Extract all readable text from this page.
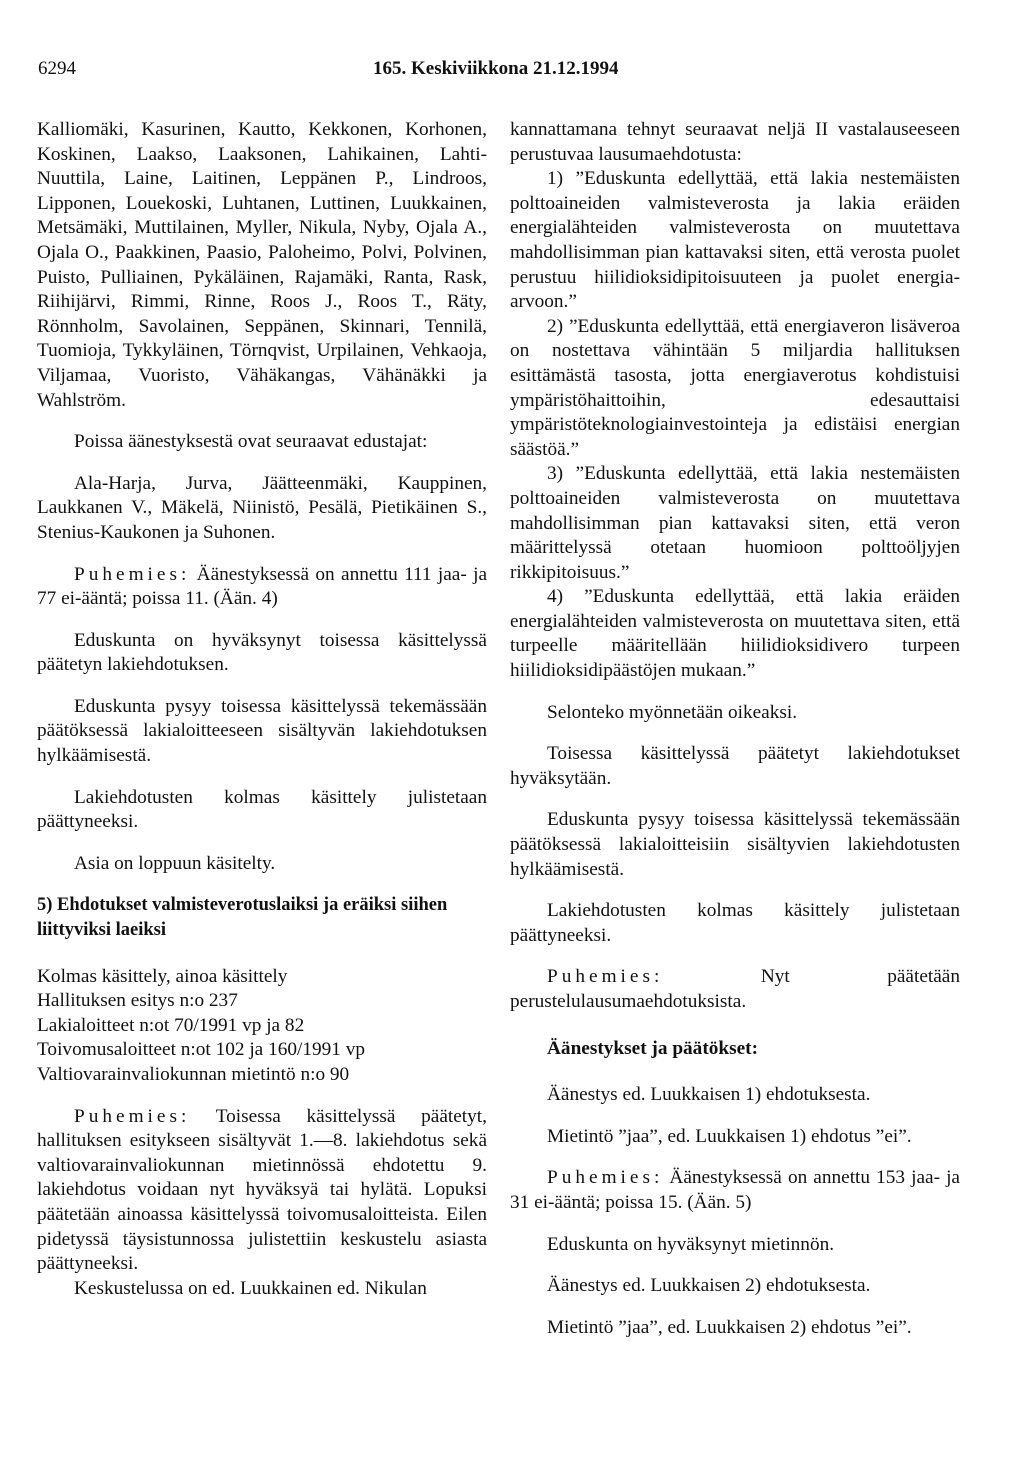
6294	165. Keskiviikkona 21.12.1994

Kalliomäki, Kasurinen, Kautto, Kekkonen, Korhonen, Koskinen, Laakso, Laaksonen, Lahikainen, Lahti-Nuuttila, Laine, Laitinen, Leppänen P., Lindroos, Lipponen, Louekoski, Luhtanen, Luttinen, Luukkainen, Metsämäki, Muttilainen, Myller, Nikula, Nyby, Ojala A., Ojala O., Paakkinen, Paasio, Paloheimo, Polvi, Polvinen, Puisto, Pulliainen, Pykäläinen, Rajamäki, Ranta, Rask, Riihijärvi, Rimmi, Rinne, Roos J., Roos T., Räty, Rönnholm, Savolainen, Seppänen, Skinnari, Tennilä, Tuomioja, Tykkyläinen, Törnqvist, Urpilainen, Vehkaoja, Viljamaa, Vuoristo, Vähäkangas, Vähänäkki ja Wahlström.

Poissa äänestyksestä ovat seuraavat edustajat:

Ala-Harja, Jurva, Jäätteenmäki, Kauppinen, Laukkanen V., Mäkelä, Niinistö, Pesälä, Pietikäinen S., Stenius-Kaukonen ja Suhonen.

Puhemies: Äänestyksessä on annettu 111 jaa- ja 77 ei-ääntä; poissa 11. (Ään. 4)

Eduskunta on hyväksynyt toisessa käsittelyssä päätetyn lakiehdotuksen.

Eduskunta pysyy toisessa käsittelyssä tekemässään päätöksessä lakialoitteeseen sisältyvän lakiehdotuksen hylkäämisestä.

Lakiehdotusten kolmas käsittely julistetaan päättyneeksi.

Asia on loppuun käsitelty.

5) Ehdotukset valmisteverotuslaiksi ja eräiksi siihen liittyviksi laeiksi

Kolmas käsittely, ainoa käsittely
Hallituksen esitys n:o 237
Lakialoitteet n:ot 70/1991 vp ja 82
Toivomusaloitteet n:ot 102 ja 160/1991 vp
Valtiovarainvaliokunnan mietintö n:o 90

Puhemies: Toisessa käsittelyssä päätetyt, hallituksen esitykseen sisältyvät 1.—8. lakiehdotus sekä valtiovarainvaliokunnan mietinnössä ehdotettu 9. lakiehdotus voidaan nyt hyväksyä tai hylätä. Lopuksi päätetään ainoassa käsittelyssä toivomusaloitteista. Eilen pidetyssä täysistunnossa julistettiin keskustelu asiasta päättyneeksi.

Keskustelussa on ed. Luukkainen ed. Nikulan

kannattamana tehnyt seuraavat neljä II vastalauseeseen perustuvaa lausumaehdotusta:

1) ”Eduskunta edellyttää, että lakia nestemäisten polttoaineiden valmisteverosta ja lakia eräiden energialähteiden valmisteverosta on muutettava mahdollisimman pian kattavaksi siten, että verosta puolet perustuu hiilidioksidipitoisuuteen ja puolet energia-arvoon.”

2) ”Eduskunta edellyttää, että energiaveron lisäveroa on nostettava vähintään 5 miljardia hallituksen esittämästä tasosta, jotta energiaverotus kohdistuisi ympäristöhaittoihin, edesauttaisi ympäristöteknologiainvestointeja ja edistäisi energian säästöä.”

3) ”Eduskunta edellyttää, että lakia nestemäisten polttoaineiden valmisteverosta on muutettava mahdollisimman pian kattavaksi siten, että veron määrittelyssä otetaan huomioon polttoöljyjen rikkipitoisuus.”

4) ”Eduskunta edellyttää, että lakia eräiden energialähteiden valmisteverosta on muutettava siten, että turpeelle määritellään hiilidioksidivero turpeen hiilidioksidipäästöjen mukaan.”

Selonteko myönnetään oikeaksi.

Toisessa käsittelyssä päätetyt lakiehdotukset hyväksytään.

Eduskunta pysyy toisessa käsittelyssä tekemässään päätöksessä lakialoitteisiin sisältyvien lakiehdotusten hylkäämisestä.

Lakiehdotusten kolmas käsittely julistetaan päättyneeksi.

Puhemies: Nyt päätetään perustelulausumaehdotuksista.

Äänestykset ja päätökset:

Äänestys ed. Luukkaisen 1) ehdotuksesta.

Mietintö ”jaa”, ed. Luukkaisen 1) ehdotus ”ei”.

Puhemies: Äänestyksessä on annettu 153 jaa- ja 31 ei-ääntä; poissa 15. (Ään. 5)

Eduskunta on hyväksynyt mietinnön.

Äänestys ed. Luukkaisen 2) ehdotuksesta.

Mietintö ”jaa”, ed. Luukkaisen 2) ehdotus ”ei”.
